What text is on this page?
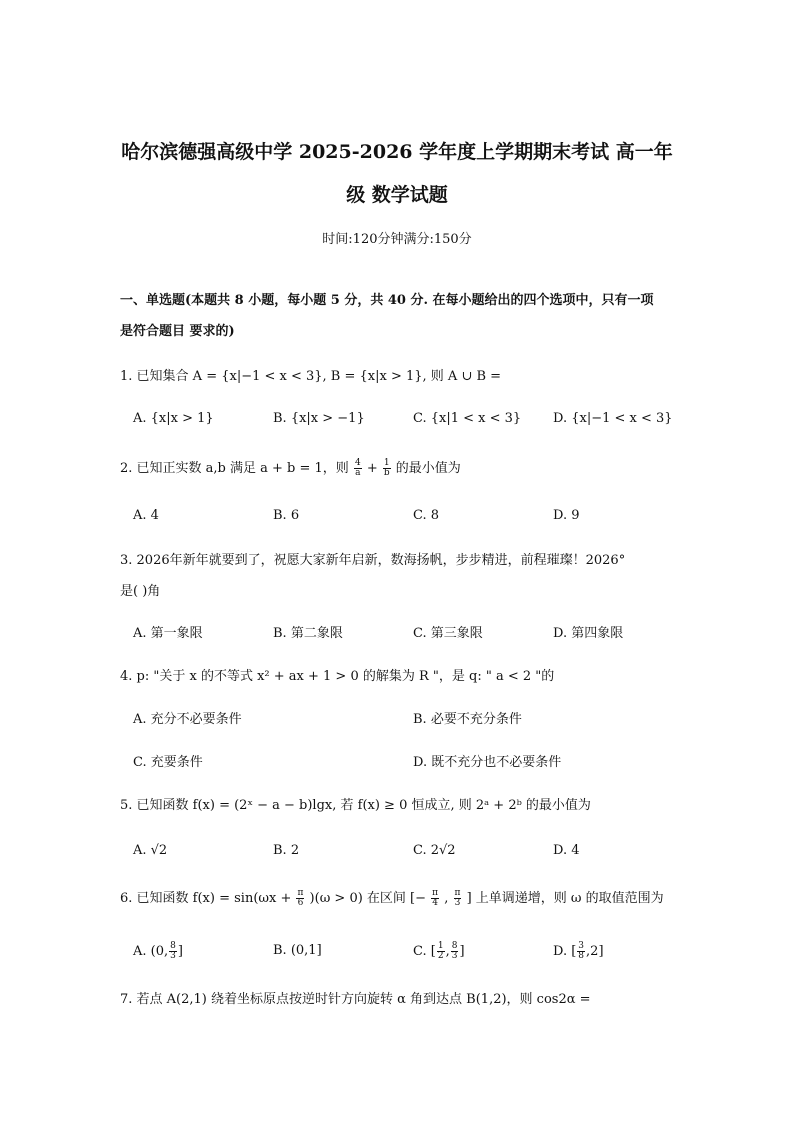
哈尔滨德强高级中学 2025-2026 学年度上学期期末考试 高一年
级 数学试题
时间:120分钟满分:150分
一、单选题(本题共 8 小题，每小题 5 分，共 40 分. 在每小题给出的四个选项中，只有一项
是符合题目 要求的)
1. 已知集合 A = {x|−1 < x < 3}, B = {x|x > 1}, 则 A ∪ B =
A. {x|x > 1}	B. {x|x > −1}	C. {x|1 < x < 3} D. {x|−1 < x < 3}
2. 已知正实数 a,b 满足 a + b = 1，则 $\frac{4}{a} + \frac{1}{b}$ 的最小值为
A. 4	B. 6	C. 8	D. 9
3. 2026年新年就要到了，祝愿大家新年启新，数海扬帆，步步精进，前程璀璨！2026°
是( )角
A. 第一象限	B. 第二象限	C. 第三象限	D. 第四象限
4. p: "关于 x 的不等式 x² + ax + 1 > 0 的解集为 R "，是 q: " a < 2 "的
A. 充分不必要条件	B. 必要不充分条件
C. 充要条件	D. 既不充分也不必要条件
5. 已知函数 f(x) = (2ˣ − a − b)lgx, 若 f(x) ≥ 0 恒成立, 则 2ᵃ + 2ᵇ 的最小值为
A. √2	B. 2	C. 2√2	D. 4
6. 已知函数 $f(x) = \sin(\omega x + \frac{\pi}{6} )(\omega > 0)$ 在区间 [− $\frac{\pi}{4}$ , $\frac{\pi}{3}$ ] 上单调递增，则 ω 的取值范围为
A. (0, $\frac{8}{3}$ ]	B. (0,1]	C. [ $\frac{1}{2}$ , $\frac{8}{3}$ ]	D. [ $\frac{3}{8} ,2$]
7. 若点 A(2,1) 绕着坐标原点按逆时针方向旋转 α 角到达点 B(1,2)，则 cos2α =
